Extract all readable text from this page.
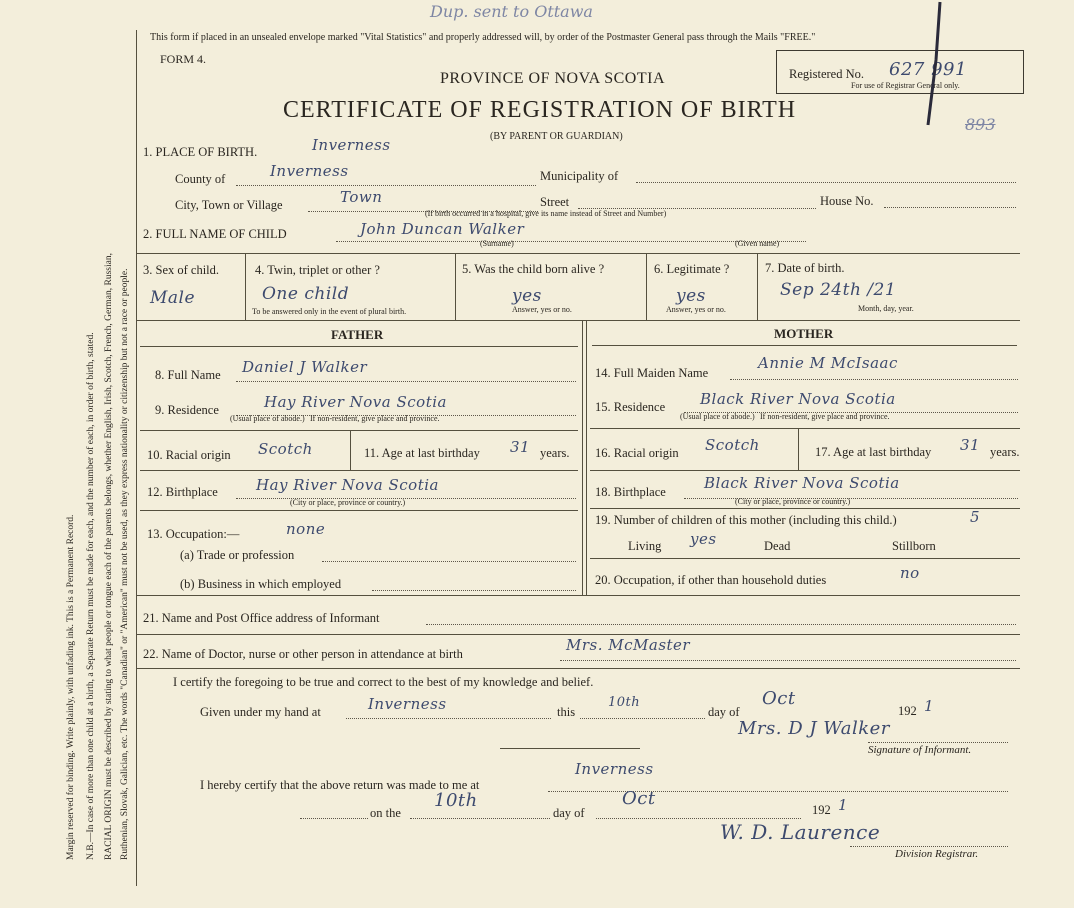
Margin reserved for binding. Write plainly, with unfading ink. This is a Permanent Record. N.B.—In case of more than one child at a birth, a Separate Return must be made for each, and the number of each, in order of birth, stated. RACIAL ORIGIN must be described by stating to what people or tongue each of the parents belongs, whether English, Irish, Scotch, French, German, Russian, Ruthenian, Slovak, Galician, etc. The words "Canadian" or "American" must not be used, as they express nationality or citizenship but not a race or people.
Dup. sent to Ottawa
This form if placed in an unsealed envelope marked "Vital Statistics" and properly addressed will, by order of the Postmaster General pass through the Mails "FREE."
FORM 4.
PROVINCE OF NOVA SCOTIA
CERTIFICATE OF REGISTRATION OF BIRTH
(BY PARENT OR GUARDIAN)
Registered No. 627 991
For use of Registrar General only.
893
1. PLACE OF BIRTH.	Inverness
County of	Inverness	Municipality of
City, Town or Village	Town	Street	House No.
(If birth occurred in a hospital, give its name instead of Street and Number)
2. FULL NAME OF CHILD	John Duncan Walker
(Surname)	(Given name)
3. Sex of child.
Male
4. Twin, triplet or other ?
One child
To be answered only in the event of plural birth.
5. Was the child born alive ?
yes
Answer, yes or no.
6. Legitimate ?
yes
Answer, yes or no.
7. Date of birth.
Sep 24th /21
Month, day, year.
FATHER	MOTHER
8. Full Name Daniel J Walker
9. Residence	Hay River Nova Scotia
(Usual place of abode.) If non-resident, give place and province.
10. Racial origin Scotch	11. Age at last birthday 31 years.
12. Birthplace	Hay River Nova Scotia
(City or place, province or country.)
13. Occupation:—	none
(a) Trade or profession
(b) Business in which employed
14. Full Maiden Name
Annie M McIsaac
15. Residence Black River Nova Scotia
(Usual place of abode.) If non-resident, give place and province.
16. Racial origin Scotch	17. Age at last birthday 31 years.
18. Birthplace	Black River Nova Scotia
(City or place, province or country.)
19. Number of children of this mother (including this child.)	5
Living yes	Dead	Stillborn
20. Occupation, if other than household duties	no
21. Name and Post Office address of Informant
22. Name of Doctor, nurse or other person in attendance at birth	Mrs. McMaster
I certify the foregoing to be true and correct to the best of my knowledge and belief.
Given under my hand at	Inverness	this
10th
day of
Oct
192 1
Mrs. D J Walker
Signature of Informant.
I hereby certify that the above return was made to me at
Inverness
on the
10th
day of
Oct
192 1
W. D. Laurence
Division Registrar.
